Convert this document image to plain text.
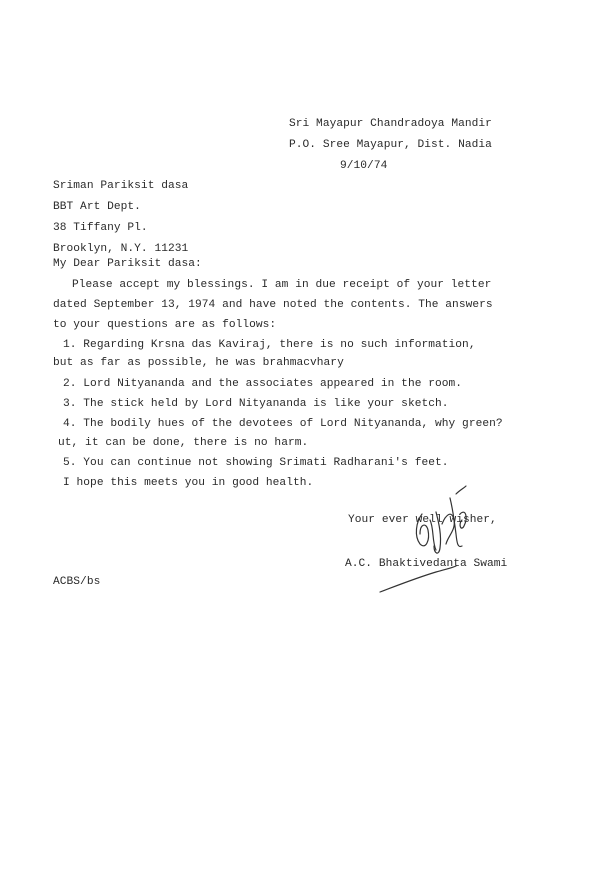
Sri Mayapur Chandradoya Mandir
P.O. Sree Mayapur, Dist. Nadia
9/10/74
Sriman Pariksit dasa
BBT Art Dept.
38 Tiffany Pl.
Brooklyn, N.Y. 11231
My Dear Pariksit dasa:
Please accept my blessings. I am in due receipt of your letter
dated September 13, 1974 and have noted the contents. The answers
to your questions are as follows:
1. Regarding Krsna das Kaviraj, there is no such information,
but as far as possible, he was brahmacvhary
2. Lord Nityananda and the associates appeared in the room.
3. The stick held by Lord Nityananda is like your sketch.
4. The bodily hues of the devotees of Lord Nityananda, why green?
ut, it can be done, there is no harm.
5. You can continue not showing Srimati Radharani's feet.
I hope this meets you in good health.
Your ever well wisher,
A.C. Bhaktivedanta Swami
ACBS/bs
